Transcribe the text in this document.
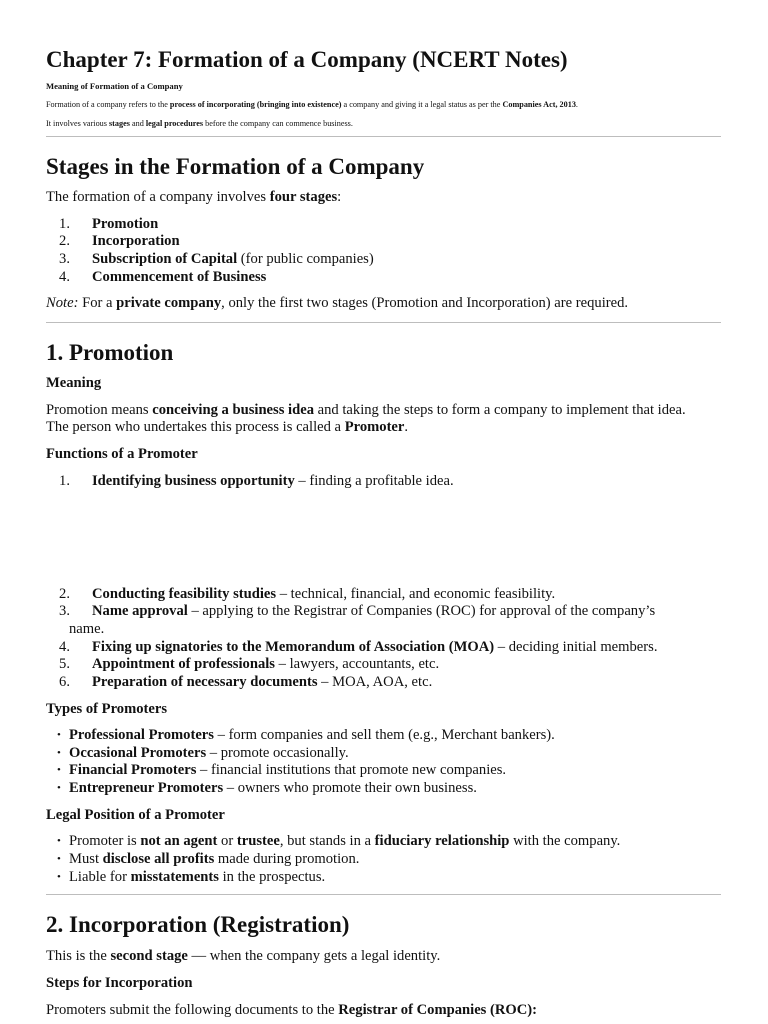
Chapter 7: Formation of a Company (NCERT Notes)
Meaning of Formation of a Company
Formation of a company refers to the process of incorporating (bringing into existence) a company and giving it a legal status as per the Companies Act, 2013.
It involves various stages and legal procedures before the company can commence business.
Stages in the Formation of a Company
The formation of a company involves four stages:
1. Promotion
2. Incorporation
3. Subscription of Capital (for public companies)
4. Commencement of Business
Note: For a private company, only the first two stages (Promotion and Incorporation) are required.
1. Promotion
Meaning
Promotion means conceiving a business idea and taking the steps to form a company to implement that idea.
The person who undertakes this process is called a Promoter.
Functions of a Promoter
1. Identifying business opportunity – finding a profitable idea.
2. Conducting feasibility studies – technical, financial, and economic feasibility.
3. Name approval – applying to the Registrar of Companies (ROC) for approval of the company’s
name.
4. Fixing up signatories to the Memorandum of Association (MOA) – deciding initial members.
5. Appointment of professionals – lawyers, accountants, etc.
6. Preparation of necessary documents – MOA, AOA, etc.
Types of Promoters
• Professional Promoters – form companies and sell them (e.g., Merchant bankers).
• Occasional Promoters – promote occasionally.
• Financial Promoters – financial institutions that promote new companies.
• Entrepreneur Promoters – owners who promote their own business.
Legal Position of a Promoter
• Promoter is not an agent or trustee, but stands in a fiduciary relationship with the company.
• Must disclose all profits made during promotion.
• Liable for misstatements in the prospectus.
2. Incorporation (Registration)
This is the second stage — when the company gets a legal identity.
Steps for Incorporation
Promoters submit the following documents to the Registrar of Companies (ROC):
